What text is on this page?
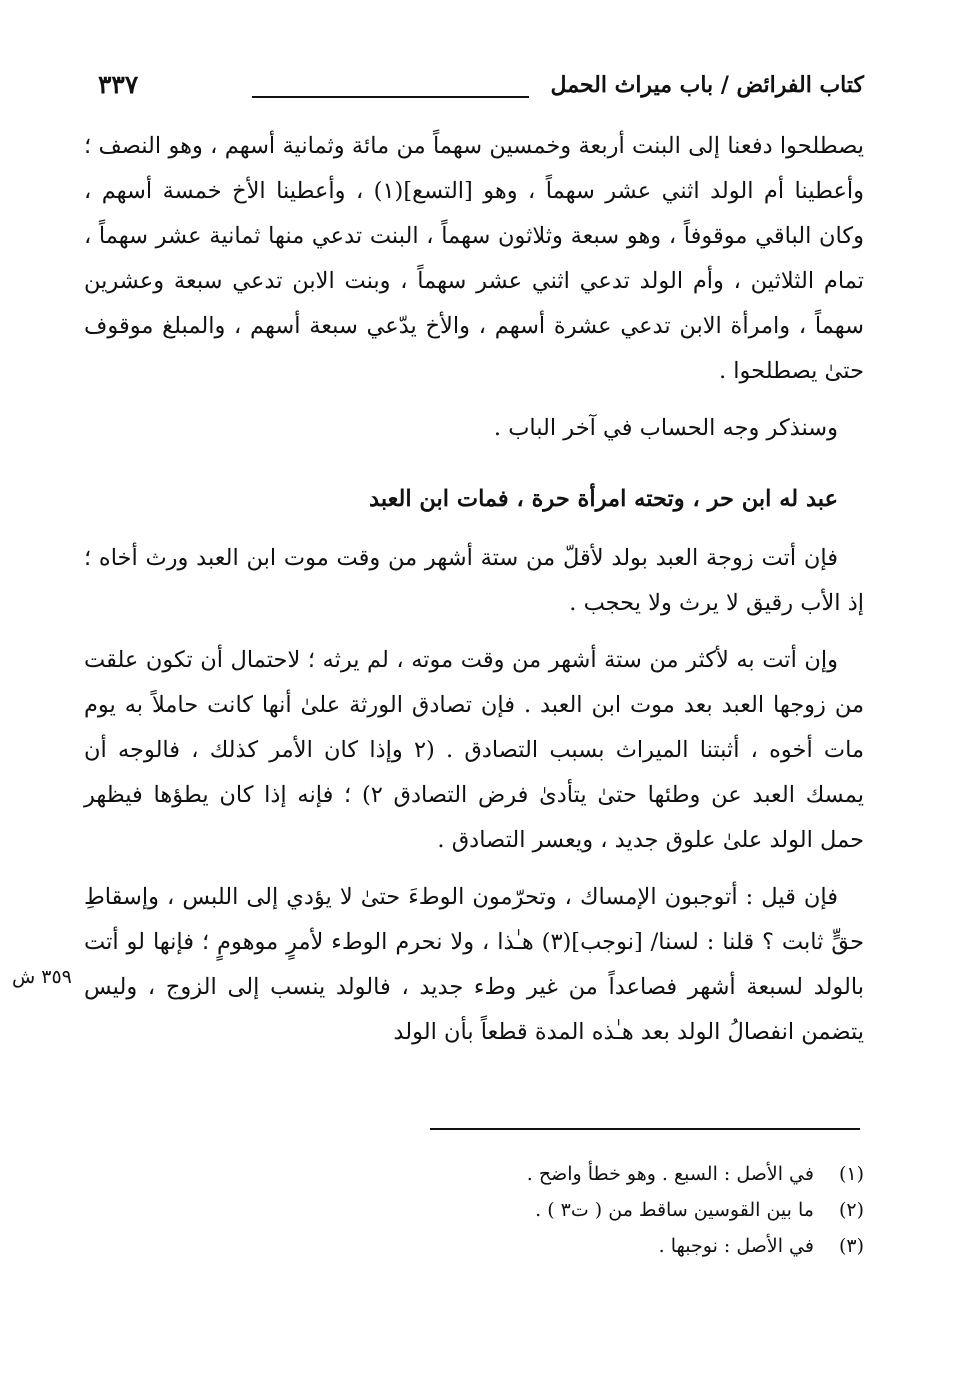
كتاب الفرائض / باب ميراث الحمل
٣٣٧

يصطلحوا دفعنا إلى البنت أربعة وخمسين سهماً من مائة وثمانية أسهم ، وهو النصف ؛ وأعطينا أم الولد اثني عشر سهماً ، وهو [التسع](١) ، وأعطينا الأخ خمسة أسهم ، وكان الباقي موقوفاً ، وهو سبعة وثلاثون سهماً ، البنت تدعي منها ثمانية عشر سهماً ، تمام الثلاثين ، وأم الولد تدعي اثني عشر سهماً ، وبنت الابن تدعي سبعة وعشرين سهماً ، وامرأة الابن تدعي عشرة أسهم ، والأخ يدّعي سبعة أسهم ، والمبلغ موقوف حتىٰ يصطلحوا .

وسنذكر وجه الحساب في آخر الباب .

عبد له ابن حر ، وتحته امرأة حرة ، فمات ابن العبد

فإن أتت زوجة العبد بولد لأقلّ من ستة أشهر من وقت موت ابن العبد ورث أخاه ؛ إذ الأب رقيق لا يرث ولا يحجب .

وإن أتت به لأكثر من ستة أشهر من وقت موته ، لم يرثه ؛ لاحتمال أن تكون علقت من زوجها العبد بعد موت ابن العبد . فإن تصادق الورثة علىٰ أنها كانت حاملاً به يوم مات أخوه ، أثبتنا الميراث بسبب التصادق . (٢ وإذا كان الأمر كذلك ، فالوجه أن يمسك العبد عن وطئها حتىٰ يتأدىٰ فرض التصادق ٢) ؛ فإنه إذا كان يطؤها فيظهر حمل الولد علىٰ علوق جديد ، ويعسر التصادق .

فإن قيل : أتوجبون الإمساك ، وتحرّمون الوطءَ حتىٰ لا يؤدي إلى اللبس ، وإسقاطِ حقٍّ ثابت ؟ قلنا : لسنا/ [نوجب](٣) هـٰذا ، ولا نحرم الوطء لأمرٍ موهومٍ ؛ فإنها لو أتت بالولد لسبعة أشهر فصاعداً من غير وطء جديد ، فالولد ينسب إلى الزوج ، وليس يتضمن انفصالُ الولد بعد هـٰذه المدة قطعاً بأن الولد

٣٥٩ ش
(١) في الأصل : السبع . وهو خطأ واضح .
(٢) ما بين القوسين ساقط من ( ت٣ ) .
(٣) في الأصل : نوجبها .
